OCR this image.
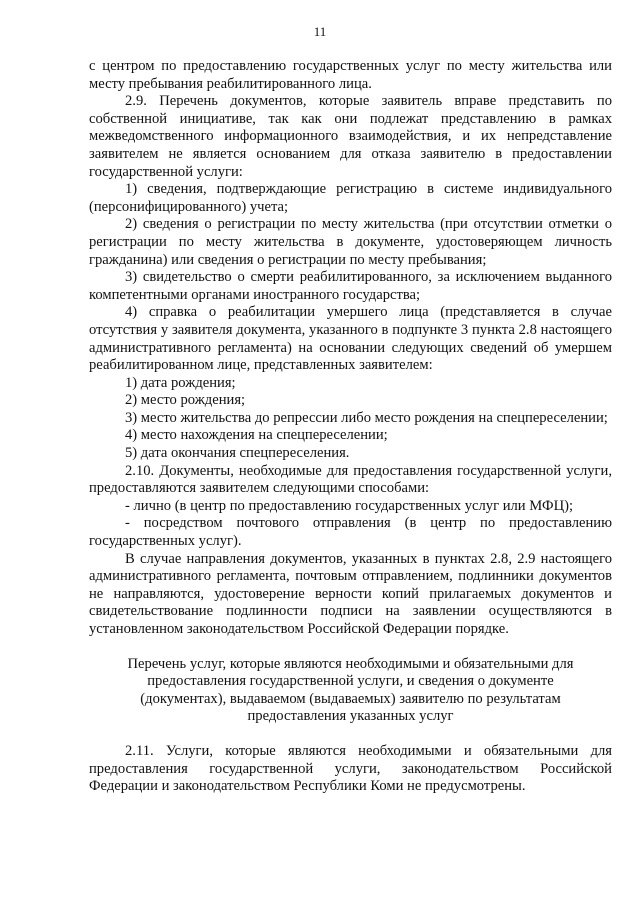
11

с центром по предоставлению государственных услуг по месту жительства или месту пребывания реабилитированного лица.

2.9. Перечень документов, которые заявитель вправе представить по собственной инициативе, так как они подлежат представлению в рамках межведомственного информационного взаимодействия, и их непредставление заявителем не является основанием для отказа заявителю в предоставлении государственной услуги:

1) сведения, подтверждающие регистрацию в системе индивидуального (персонифицированного) учета;

2) сведения о регистрации по месту жительства (при отсутствии отметки о регистрации по месту жительства в документе, удостоверяющем личность гражданина) или сведения о регистрации по месту пребывания;

3) свидетельство о смерти реабилитированного, за исключением выданного компетентными органами иностранного государства;

4) справка о реабилитации умершего лица (представляется в случае отсутствия у заявителя документа, указанного в подпункте 3 пункта 2.8 настоящего административного регламента) на основании следующих сведений об умершем реабилитированном лице, представленных заявителем:

1) дата рождения;

2) место рождения;

3) место жительства до репрессии либо место рождения на спецпереселении;

4) место нахождения на спецпереселении;

5) дата окончания спецпереселения.

2.10. Документы, необходимые для предоставления государственной услуги, предоставляются заявителем следующими способами:

- лично (в центр по предоставлению государственных услуг или МФЦ);

- посредством почтового отправления (в центр по предоставлению государственных услуг).

В случае направления документов, указанных в пунктах 2.8, 2.9 настоящего административного регламента, почтовым отправлением, подлинники документов не направляются, удостоверение верности копий прилагаемых документов и свидетельствование подлинности подписи на заявлении осуществляются в установленном законодательством Российской Федерации порядке.

Перечень услуг, которые являются необходимыми и обязательными для предоставления государственной услуги, и сведения о документе (документах), выдаваемом (выдаваемых) заявителю по результатам предоставления указанных услуг

2.11. Услуги, которые являются необходимыми и обязательными для предоставления государственной услуги, законодательством Российской Федерации и законодательством Республики Коми не предусмотрены.
